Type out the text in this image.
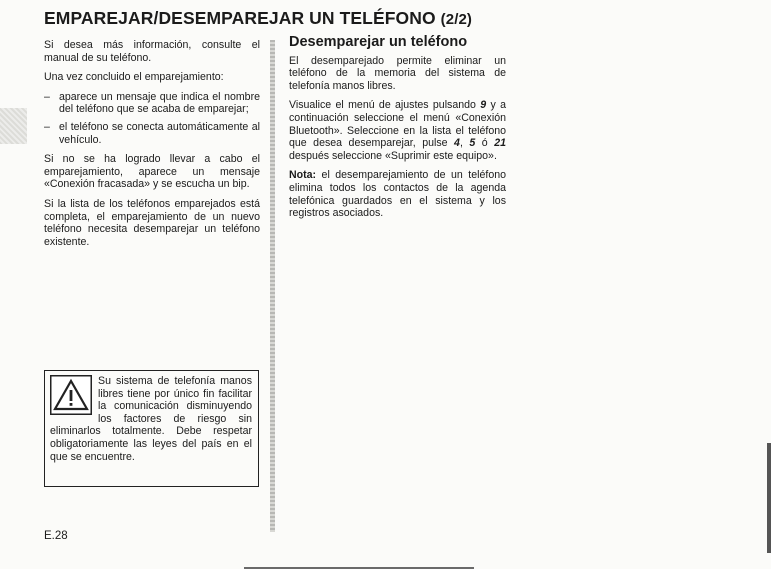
EMPAREJAR/DESEMPAREJAR UN TELÉFONO (2/2)

Si desea más información, consulte el manual de su teléfono.

Una vez concluido el emparejamiento:

– aparece un mensaje que indica el nombre del teléfono que se acaba de emparejar;
– el teléfono se conecta automáticamente al vehículo.

Si no se ha logrado llevar a cabo el emparejamiento, aparece un mensaje «Conexión fracasada» y se escucha un bip.

Si la lista de los teléfonos emparejados está completa, el emparejamiento de un nuevo teléfono necesita desemparejar un teléfono existente.

Su sistema de telefonía manos libres tiene por único fin facilitar la comunicación disminuyendo los factores de riesgo sin eliminarlos totalmente. Debe respetar obligatoriamente las leyes del país en el que se encuentre.
Desemparejar un teléfono

El desemparejado permite eliminar un teléfono de la memoria del sistema de telefonía manos libres.

Visualice el menú de ajustes pulsando 9 y a continuación seleccione el menú «Conexión Bluetooth». Seleccione en la lista el teléfono que desea desemparejar, pulse 4, 5 ó 21 después seleccione «Suprimir este equipo».

Nota: el desemparejamiento de un teléfono elimina todos los contactos de la agenda telefónica guardados en el sistema y los registros asociados.

E.28
